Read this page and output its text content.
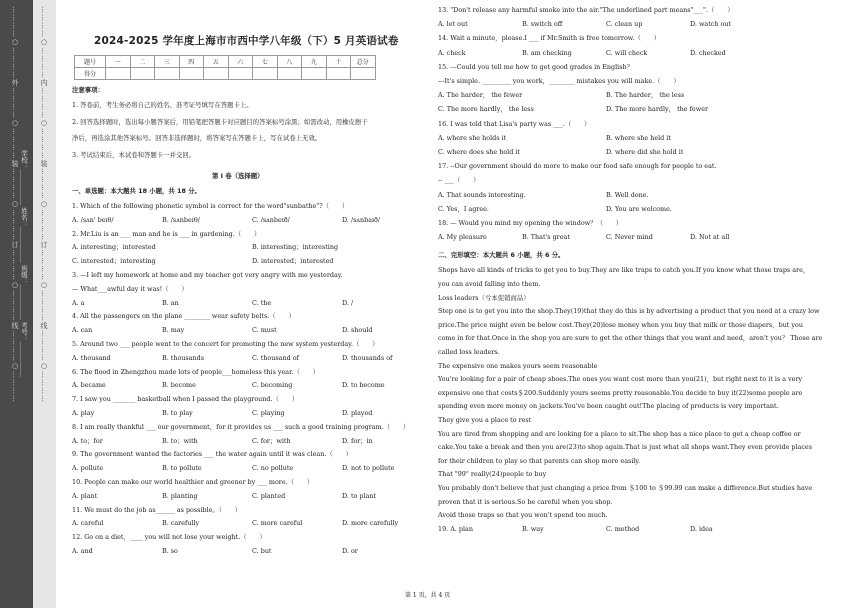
…………○…………外…………○…………装…………○…………订…………○…………线…………○…………	…………○…………内…………○…………装…………○…………订…………○…………线…………○…………
学校：___________ 姓名：___________ 班级：___________ 考号：___________
2024-2025 学年度上海市市西中学八年级（下）5 月英语试卷
题号	一	二	三	四	五	六	七	八	九	十	总分
得分											
注意事项：
1. 答卷前，考生务必将自己的姓名、准考证号填写在答题卡上。
2. 回答选择题时，选出每小题答案后，用铅笔把答题卡对应题目的答案标号涂黑；如需改动，用橡皮擦干
净后，再选涂其他答案标号。回答非选择题时，将答案写在答题卡上，写在试卷上无效。
3. 考试结束后，本试卷和答题卡一并交回。
第 I 卷（选择题）
一、单选题：本大题共 18 小题，共 18 分。
1. Which of the following phonetic symbol is correct for the word"sunbathe"?（　　）
A. /sʌn' beɪθ/	B. /sʌnbeɪθ/	C. /sʌnbeɪð/	D. /sʌnbaɪð/
2. Mr.Liu is an ___ man and he is ___ in gardening.（　　）
A. interesting；interested	B. interesting；interesting
C. interested；interesting	D. interested；interested
3. —I left my homework at home and my teacher got very angry with me yesterday.
— What___awful day it was!（　　）
A. a	B. an	C. the	D. /
4. All the passengers on the plane ________ wear safety belts.（　　）
A. can	B. may	C. must	D. should
5. Around two ___ people went to the concert for promoting the new system yesterday.（　　）
A. thousand	B. thousands	C. thousand of	D. thousands of
6. The flood in Zhengzhou made lots of people___homeless this year.（　　）
A. became	B. become	C. becoming	D. to become
7. I saw you _______ basketball when I passed the playground.（　　）
A. play	B. to play	C. playing	D. played
8. I am really thankful ___ our government，for it provides us ___ such a good training program.（　　）
A. to；for	B. to；with	C. for；with	D. for；in
9. The government wanted the factories ___ the water again until it was clean.（　　）
A. pollute	B. to pollute	C. no pollute	D. not to pollute
10. People can make our world healthier and greener by ___ more.（　　）
A. plant	B. planting	C. planted	D. to plant
11. We must do the job as______ as possible。（　　）
A. careful	B. carefully	C. more careful	D. more carefully
12. Go on a diet，____ you will not lose your weight.（　　）
A. and	B. so	C. but	D. or
13. "Don't release any harmful smoke into the air."The underlined part means"___".（　　）
A. let out	B. switch off	C. clean up	D. watch out
14. Wait a minute，please.I ___ if Mr.Smith is free tomorrow.（　　）
A. check	B. am checking	C. will check	D. checked
15. ---Could you tell me how to get good grades in English？
---It's simple. _________ you work，________ mistakes you will make.（　　）
A. The harder， the fewer	B. The harder， the less
C. The more hardly， the less	D. The more hardly， the fewer
16. I was told that Lisa's party was ___.（　　）
A. where she holds it	B. where she held it
C. where does she hold it	D. where did she hold it
17. --Our government should do more to make our food safe enough for people to eat.
-- ___（　　）
A. That sounds interesting.	B. Well done.
C. Yes，I agree.	D. You are welcome.
18. — Would you mind my opening the window？（　　）
A. My pleasure	B. That's great	C. Never mind	D. Not at all
二、完形填空：本大题共 6 小题，共 6 分。
Shops have all kinds of tricks to get you to buy.They are like traps to catch you.If you know what those traps are，
you can avoid falling into them.
Loss leaders（亏本促销商品）
Step one is to get you into the shop.They(19)that they do this is by advertising a product that you need at a crazy low
price.The price might even be below cost.They(20)lose money when you buy that milk or those diapers，but you
come in for that.Once in the shop you are sure to get the other things that you want and need，aren't you？ Those are
called loss leaders.
The expensive one makes yours seem reasonable
You're looking for a pair of cheap shoes.The ones you want cost more than you(21)，but right next to it is a very
expensive one that costs＄200.Suddenly yours seems pretty reasonable.You decide to buy it(22)some people are
spending even more money on jackets.You've been caught out!The placing of products is very important.
They give you a place to rest
You are tired from shopping and are looking for a place to sit.The shop has a nice place to get a cheap coffee or
cake.You take a break and then you are(23)to shop again.That is just what all shops want.They even provide places
for their children to play so that parents can shop more easily.
That "99" really(24)people to buy
You probably don't believe that just changing a price from ＄100 to ＄99.99 can make a difference.But studies have
proven that it is serious.So be careful when you shop.
Avoid those traps so that you won't spend too much.
19. A. plan	B. way	C. method	D. idea
第 1 页，共 4 页
